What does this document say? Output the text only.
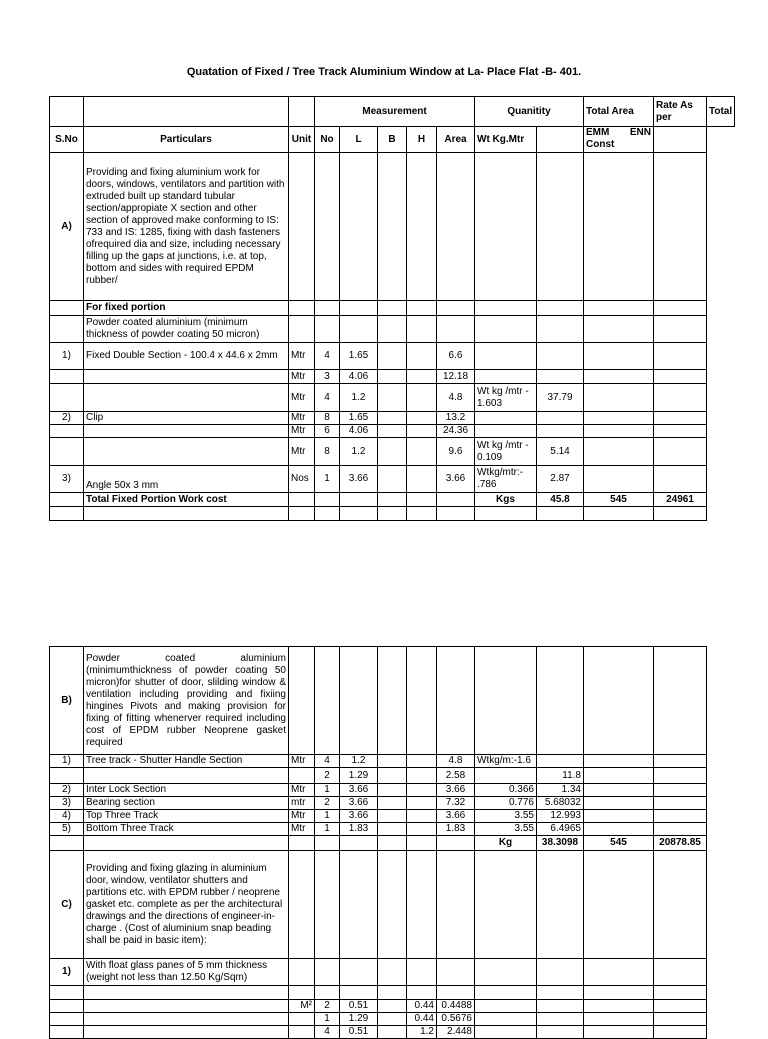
Quatation of Fixed / Tree Track Aluminium Window at La- Place Flat -B- 401.
			Measurement					Quanitity		Total Area	Rate As per	Total
S.No	Particulars	Unit	No	L	B	H	Area	Wt Kg.Mtr		EMM ENN
Const		

A)	Providing and fixing aluminium work for doors, windows, ventilators and partition with extruded built up standard tubular section/appropiate X section and other section of approved make conforming to IS: 733 and IS: 1285, fixing with dash fasteners ofrequired dia and size, including necessary filling up the gaps at junctions, i.e. at top, bottom and sides with required EPDM rubber/											
	For fixed portion											
	Powder coated aluminium (minimum thickness of powder coating 50 micron)											
1)	Fixed Double Section - 100.4 x 44.6 x 2mm	Mtr	4	1.65			6.6					
		Mtr	3	4.06			12.18					
		Mtr	4	1.2			4.8	Wt kg /mtr - 1.603	37.79			
2)	Clip	Mtr	8	1.65			13.2					
		Mtr	6	4.06			24.36					
		Mtr	8	1.2			9.6	Wt kg /mtr - 0.109	5.14			
3)	Angle 50x 3 mm	Nos	1	3.66			3.66	Wtkg/mtr:- .786	2.87			
	Total Fixed Portion Work cost							Kgs	45.8	545	24961	

B)	Powder coated aluminium (minimumthickness of powder coating 50 micron)for shutter of door, slilding window & ventilation including providing and fixiing hingines Pivots and making provision for fixing of fitting whenerver required including cost of EPDM rubber Neoprene gasket required										
1)	Tree track - Shutter Handle Section	Mtr	4	1.2			4.8	Wtkg/m:-1.6			
			2	1.29			2.58		11.8		
2)	Inter Lock Section	Mtr	1	3.66			3.66	0.366	1.34		
3)	Bearing section	mtr	2	3.66			7.32	0.776	5.68032		
4)	Top Three Track	Mtr	1	3.66			3.66	3.55	12.993		
5)	Bottom Three Track	Mtr	1	1.83			1.83	3.55	6.4965		
								Kg	38.3098	545	20878.85
C)	Providing and fixing glazing in aluminium door, window, ventilator shutters and partitions etc. with EPDM rubber / neoprene gasket etc. complete as per the architectural drawings and the directions of engineer-in-charge . (Cost of aluminium snap beading shall be paid in basic item):										
1)	With float glass panes of 5 mm thickness (weight not less than 12.50 Kg/Sqm)										

		M²	2	0.51		0.44	0.4488				
			1	1.29		0.44	0.5676				
			4	0.51		1.2	2.448				
